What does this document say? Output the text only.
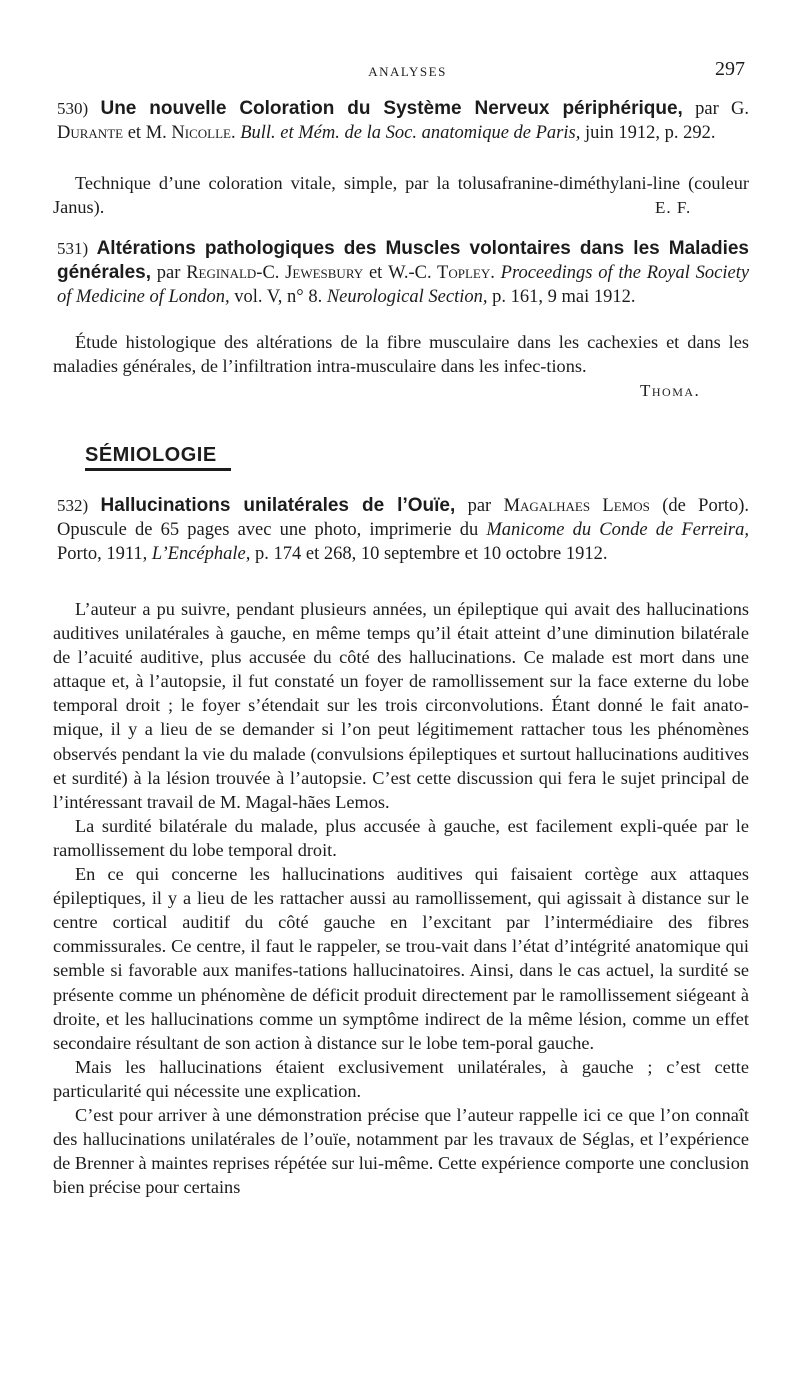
ANALYSES	297

530) Une nouvelle Coloration du Système Nerveux périphérique, par G. Durante et M. Nicolle. Bull. et Mém. de la Soc. anatomique de Paris, juin 1912, p. 292.

Technique d’une coloration vitale, simple, par la tolusafranine-diméthylani-line (couleur Janus).	E. F.

531) Altérations pathologiques des Muscles volontaires dans les Maladies générales, par Reginald-C. Jewesbury et W.-C. Topley. Proceedings of the Royal Society of Medicine of London, vol. V, n° 8. Neurological Section, p. 161, 9 mai 1912.

Étude histologique des altérations de la fibre musculaire dans les cachexies et dans les maladies générales, de l’infiltration intra-musculaire dans les infec-tions.

Thoma.
SÉMIOLOGIE

532) Hallucinations unilatérales de l’Ouïe, par Magalhaes Lemos (de Porto). Opuscule de 65 pages avec une photo, imprimerie du Manicome du Conde de Ferreira, Porto, 1911, L’Encéphale, p. 174 et 268, 10 septembre et 10 octobre 1912.

L’auteur a pu suivre, pendant plusieurs années, un épileptique qui avait des hallucinations auditives unilatérales à gauche, en même temps qu’il était atteint d’une diminution bilatérale de l’acuité auditive, plus accusée du côté des hallucinations. Ce malade est mort dans une attaque et, à l’autopsie, il fut constaté un foyer de ramollissement sur la face externe du lobe temporal droit ; le foyer s’étendait sur les trois circonvolutions. Étant donné le fait anato-mique, il y a lieu de se demander si l’on peut légitimement rattacher tous les phénomènes observés pendant la vie du malade (convulsions épileptiques et surtout hallucinations auditives et surdité) à la lésion trouvée à l’autopsie. C’est cette discussion qui fera le sujet principal de l’intéressant travail de M. Magal-hães Lemos.

La surdité bilatérale du malade, plus accusée à gauche, est facilement expli-quée par le ramollissement du lobe temporal droit.

En ce qui concerne les hallucinations auditives qui faisaient cortège aux attaques épileptiques, il y a lieu de les rattacher aussi au ramollissement, qui agissait à distance sur le centre cortical auditif du côté gauche en l’excitant par l’intermédiaire des fibres commissurales. Ce centre, il faut le rappeler, se trou-vait dans l’état d’intégrité anatomique qui semble si favorable aux manifes-tations hallucinatoires. Ainsi, dans le cas actuel, la surdité se présente comme un phénomène de déficit produit directement par le ramollissement siégeant à droite, et les hallucinations comme un symptôme indirect de la même lésion, comme un effet secondaire résultant de son action à distance sur le lobe tem-poral gauche.

Mais les hallucinations étaient exclusivement unilatérales, à gauche ; c’est cette particularité qui nécessite une explication.

C’est pour arriver à une démonstration précise que l’auteur rappelle ici ce que l’on connaît des hallucinations unilatérales de l’ouïe, notamment par les travaux de Séglas, et l’expérience de Brenner à maintes reprises répétée sur lui-même. Cette expérience comporte une conclusion bien précise pour certains
